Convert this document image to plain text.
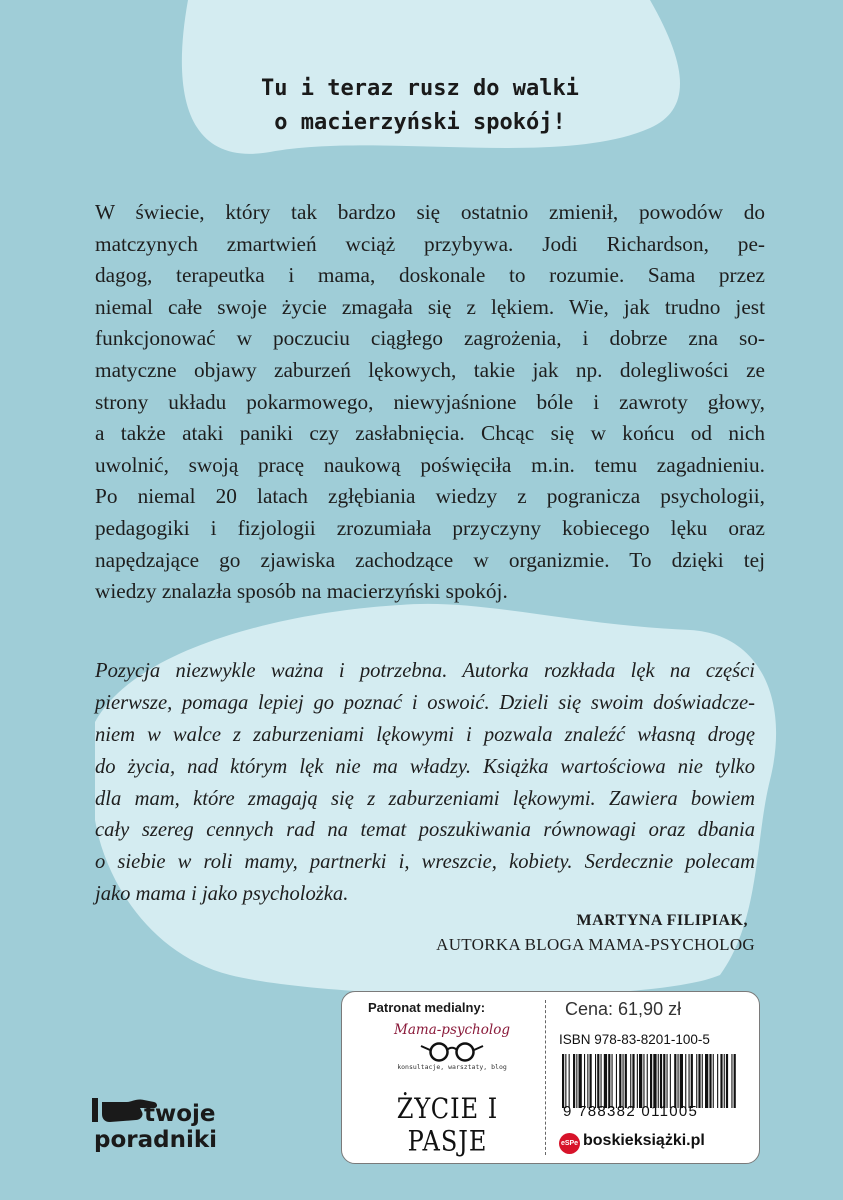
Tu i teraz rusz do walki
o macierzyński spokój!
W świecie, który tak bardzo się ostatnio zmienił, powodów do
matczynych zmartwień wciąż przybywa. Jodi Richardson, pe-
dagog, terapeutka i mama, doskonale to rozumie. Sama przez
niemal całe swoje życie zmagała się z lękiem. Wie, jak trudno jest
funkcjonować w poczuciu ciągłego zagrożenia, i dobrze zna so-
matyczne objawy zaburzeń lękowych, takie jak np. dolegliwości ze
strony układu pokarmowego, niewyjaśnione bóle i zawroty głowy,
a także ataki paniki czy zasłabnięcia. Chcąc się w końcu od nich
uwolnić, swoją pracę naukową poświęciła m.in. temu zagadnieniu.
Po niemal 20 latach zgłębiania wiedzy z pogranicza psychologii,
pedagogiki i fizjologii zrozumiała przyczyny kobiecego lęku oraz
napędzające go zjawiska zachodzące w organizmie. To dzięki tej
wiedzy znalazła sposób na macierzyński spokój.
Pozycja niezwykle ważna i potrzebna. Autorka rozkłada lęk na części
pierwsze, pomaga lepiej go poznać i oswoić. Dzieli się swoim doświadcze-
niem w walce z zaburzeniami lękowymi i pozwala znaleźć własną drogę
do życia, nad którym lęk nie ma władzy. Książka wartościowa nie tylko
dla mam, które zmagają się z zaburzeniami lękowymi. Zawiera bowiem
cały szereg cennych rad na temat poszukiwania równowagi oraz dbania
o siebie w roli mamy, partnerki i, wreszcie, kobiety. Serdecznie polecam
jako mama i jako psycholożka.
MARTYNA FILIPIAK,
AUTORKA BLOGA MAMA-PSYCHOLOG
twoje
poradniki
Patronat medialny:
Mama-psycholog
konsultacje, warsztaty, blog
ŻYCIE I PASJE
Cena: 61,90 zł
ISBN 978-83-8201-100-5
9 788382 011005
eSPe boskieksiążki.pl
